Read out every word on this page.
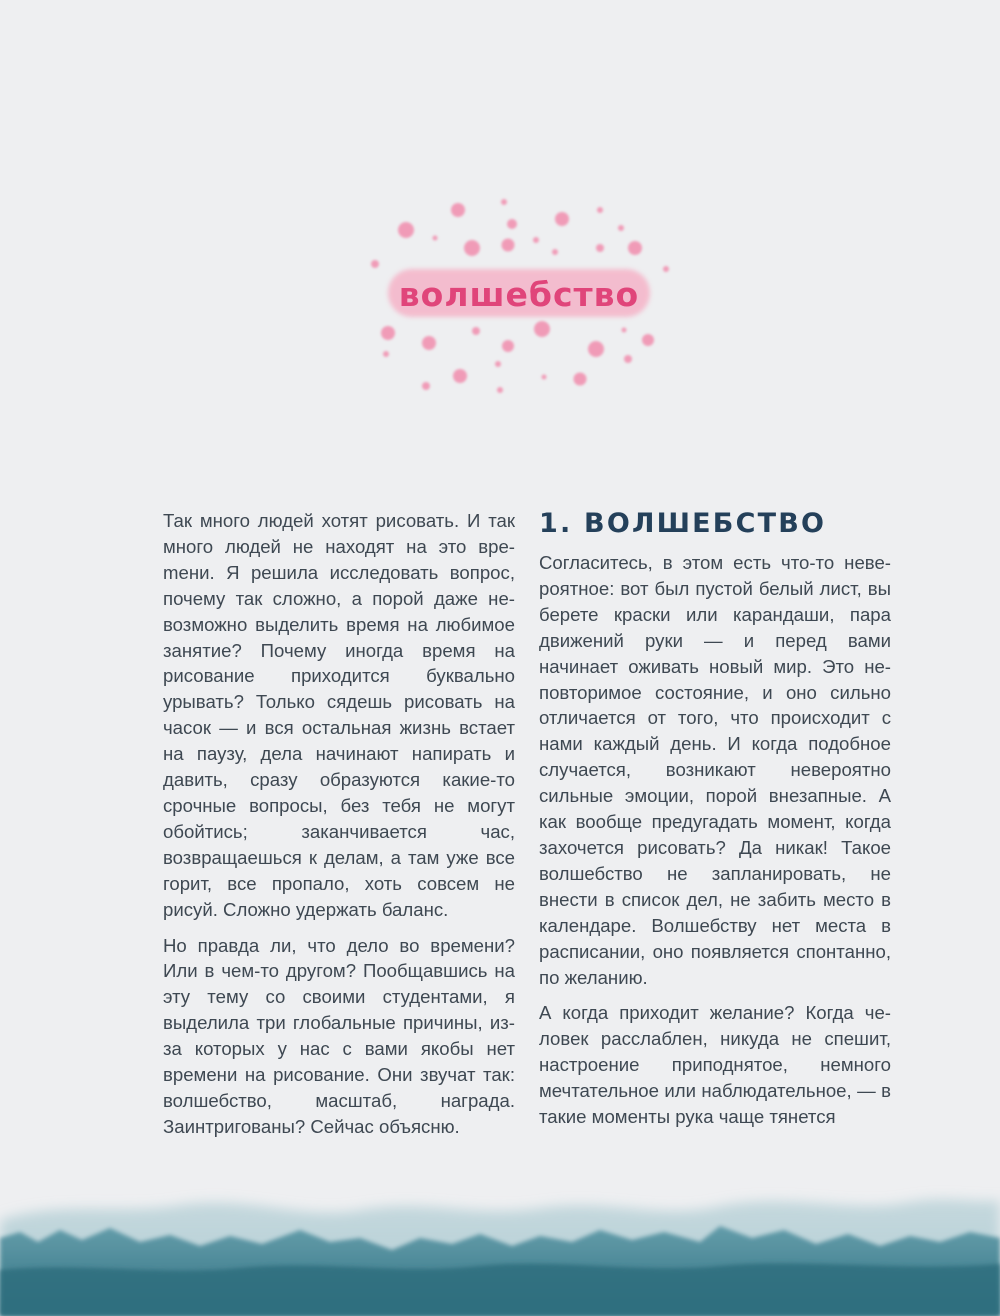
волшебство

Так много людей хотят рисовать. И так много людей не находят на это вреmени. Я решила исследовать вопрос, почему так сложно, а порой даже невозможно выделить время на любимое занятие? Почему иногда время на рисование приходится буквально урывать? Только сядешь рисовать на часок — и вся остальная жизнь встает на паузу, дела начинают напирать и давить, сразу образуются какие-то срочные вопросы, без тебя не могут обойтись; заканчивается час, возвращаешься к делам, а там уже все горит, все пропало, хоть совсем не рисуй. Сложно удержать баланс.

Но правда ли, что дело во времени? Или в чем-то другом? Пообщавшись на эту тему со своими студентами, я выделила три глобальные причины, из-за которых у нас с вами якобы нет времени на рисование. Они звучат так: волшебство, масштаб, награда. Заинтригованы? Сейчас объясню.

1. ВОЛШЕБСТВО

Согласитесь, в этом есть что-то невероятное: вот был пустой белый лист, вы берете краски или карандаши, пара движений руки — и перед вами начинает оживать новый мир. Это неповторимое состояние, и оно сильно отличается от того, что происходит с нами каждый день. И когда подобное случается, возникают невероятно сильные эмоции, порой внезапные. А как вообще предугадать момент, когда захочется рисовать? Да никак! Такое волшебство не запланировать, не внести в список дел, не забить место в календаре. Волшебству нет места в расписании, оно появляется спонтанно, по желанию.

А когда приходит желание? Когда человек расслаблен, никуда не спешит, настроение приподнятое, немного мечтательное или наблюдательное, — в такие моменты рука чаще тянется
